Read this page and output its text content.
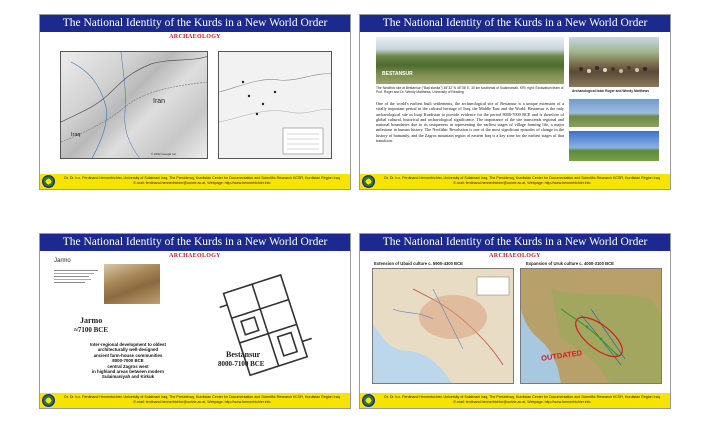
The National Identity of the Kurds in a New World Order
ARCHAEOLOGY
Iran
Iraq
© 2012 Google Inc.
Dr. Dr. h.c. Ferdinand Hennerbichler, University of Sulaimani Iraq, The Presidency, Kurdistan Center for Documentation and Scientific Research KCSR, Kurdistan Region Iraq
E-mail: ferdinand.hennerbichler@univie.ac.at, Webpage: http://www.hennerbichler.info
The National Identity of the Kurds in a New World Order
BESTANSUR
Archaeological team Roger and Wendy Matthews
The Neolithic site at Bestansur ("Bad slanka") 35°32' N 45°36' E, 30 km southeast of Sulaimaniah, KRI; right: Excavation team of Prof. Roger and Dr. Wendy Matthews, University of Reading
One of the world's earliest built settlements, the archaeological site of Bestansur is a unique extension of a vitally important period in the cultural heritage of Iraq, the Middle East and the World. Bestansur is the only archaeological site in Iraqi Kurdistan to provide evidence for the period 8000-7000 BCE and is therefore of global cultural, historical and archaeological significance. The importance of the site transcends regional and national boundaries due to its uniqueness in representing the earliest stages of village farming life, a major milestone in human history. The Neolithic Revolution is one of the most significant episodes of change in the history of humanity, and the Zagros mountain region of eastern Iraq is a key zone for the earliest stages of that transition.
Dr. Dr. h.c. Ferdinand Hennerbichler, University of Sulaimani Iraq, The Presidency, Kurdistan Center for Documentation and Scientific Research KCSR, Kurdistan Region Iraq
E-mail: ferdinand.hennerbichler@univie.ac.at, Webpage: http://www.hennerbichler.info
The National Identity of the Kurds in a New World Order
ARCHAEOLOGY
Jarmo
Jarmo
≈7100 BCE
Inter-regional development to oldest
architecturally well-designed
ancient farm-house communities
8000-7000 BCE
central Zagros west
in highland areas between modern
Sulaimaniyah and Kirkuk
Bestansur
8000-7100 BCE
Dr. Dr. h.c. Ferdinand Hennerbichler, University of Sulaimani Iraq, The Presidency, Kurdistan Center for Documentation and Scientific Research KCSR, Kurdistan Region Iraq
E-mail: ferdinand.hennerbichler@univie.ac.at, Webpage: http://www.hennerbichler.info
The National Identity of the Kurds in a New World Order
ARCHAEOLOGY
Extension of Ubaid culture c. 5900-4300 BCE	Expansion of Uruk culture c. 4000-3100 BCE
OUTDATED
Dr. Dr. h.c. Ferdinand Hennerbichler, University of Sulaimani Iraq, The Presidency, Kurdistan Center for Documentation and Scientific Research KCSR, Kurdistan Region Iraq
E-mail: ferdinand.hennerbichler@univie.ac.at, Webpage: http://www.hennerbichler.info
